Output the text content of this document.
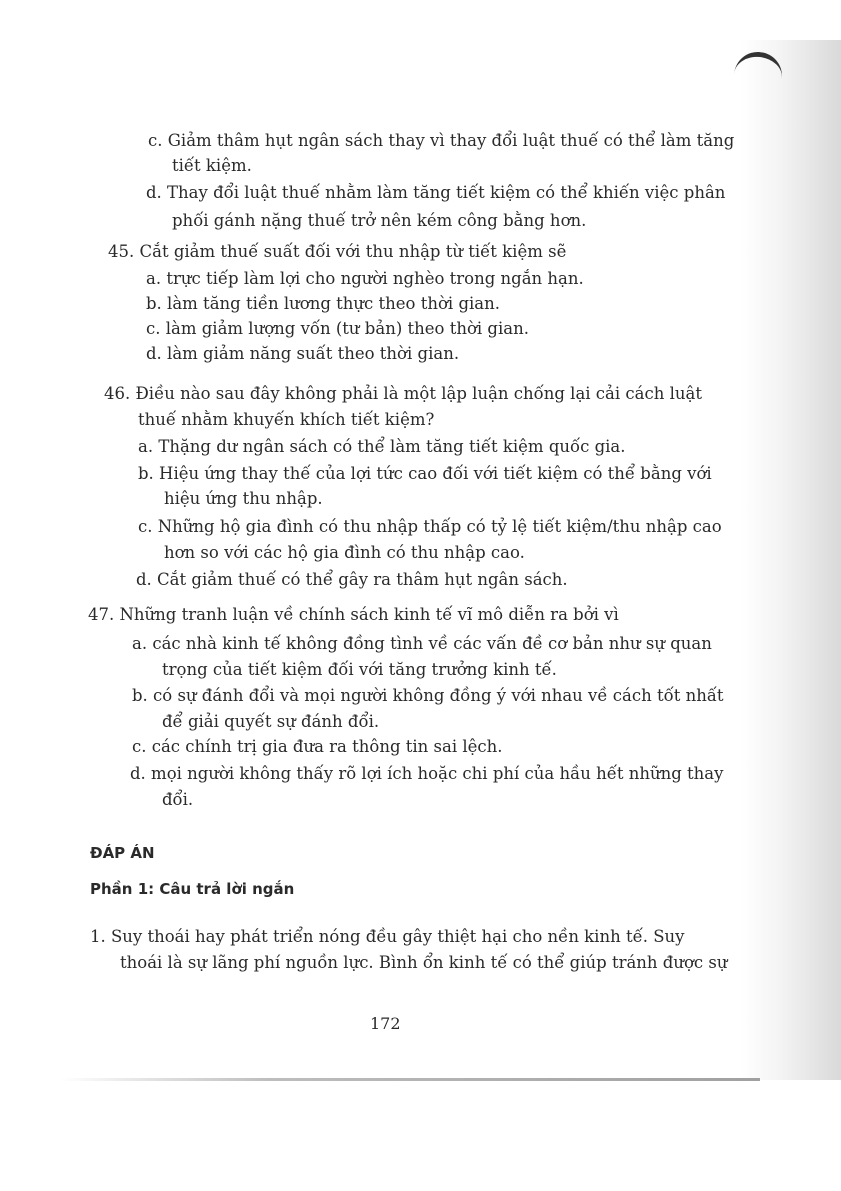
c. Giảm thâm hụt ngân sách thay vì thay đổi luật thuế có thể làm tăng
tiết kiệm.
d. Thay đổi luật thuế nhằm làm tăng tiết kiệm có thể khiến việc phân
phối gánh nặng thuế trở nên kém công bằng hơn.
45. Cắt giảm thuế suất đối với thu nhập từ tiết kiệm sẽ
a. trực tiếp làm lợi cho người nghèo trong ngắn hạn.
b. làm tăng tiền lương thực theo thời gian.
c. làm giảm lượng vốn (tư bản) theo thời gian.
d. làm giảm năng suất theo thời gian.
46. Điều nào sau đây không phải là một lập luận chống lại cải cách luật
thuế nhằm khuyến khích tiết kiệm?
a. Thặng dư ngân sách có thể làm tăng tiết kiệm quốc gia.
b. Hiệu ứng thay thế của lợi tức cao đối với tiết kiệm có thể bằng với
hiệu ứng thu nhập.
c. Những hộ gia đình có thu nhập thấp có tỷ lệ tiết kiệm/thu nhập cao
hơn so với các hộ gia đình có thu nhập cao.
d. Cắt giảm thuế có thể gây ra thâm hụt ngân sách.
47. Những tranh luận về chính sách kinh tế vĩ mô diễn ra bởi vì
a. các nhà kinh tế không đồng tình về các vấn đề cơ bản như sự quan
trọng của tiết kiệm đối với tăng trưởng kinh tế.
b. có sự đánh đổi và mọi người không đồng ý với nhau về cách tốt nhất
để giải quyết sự đánh đổi.
c. các chính trị gia đưa ra thông tin sai lệch.
d. mọi người không thấy rõ lợi ích hoặc chi phí của hầu hết những thay
đổi.
ĐÁP ÁN
Phần 1: Câu trả lời ngắn
1. Suy thoái hay phát triển nóng đều gây thiệt hại cho nền kinh tế. Suy
thoái là sự lãng phí nguồn lực. Bình ổn kinh tế có thể giúp tránh được sự
172
